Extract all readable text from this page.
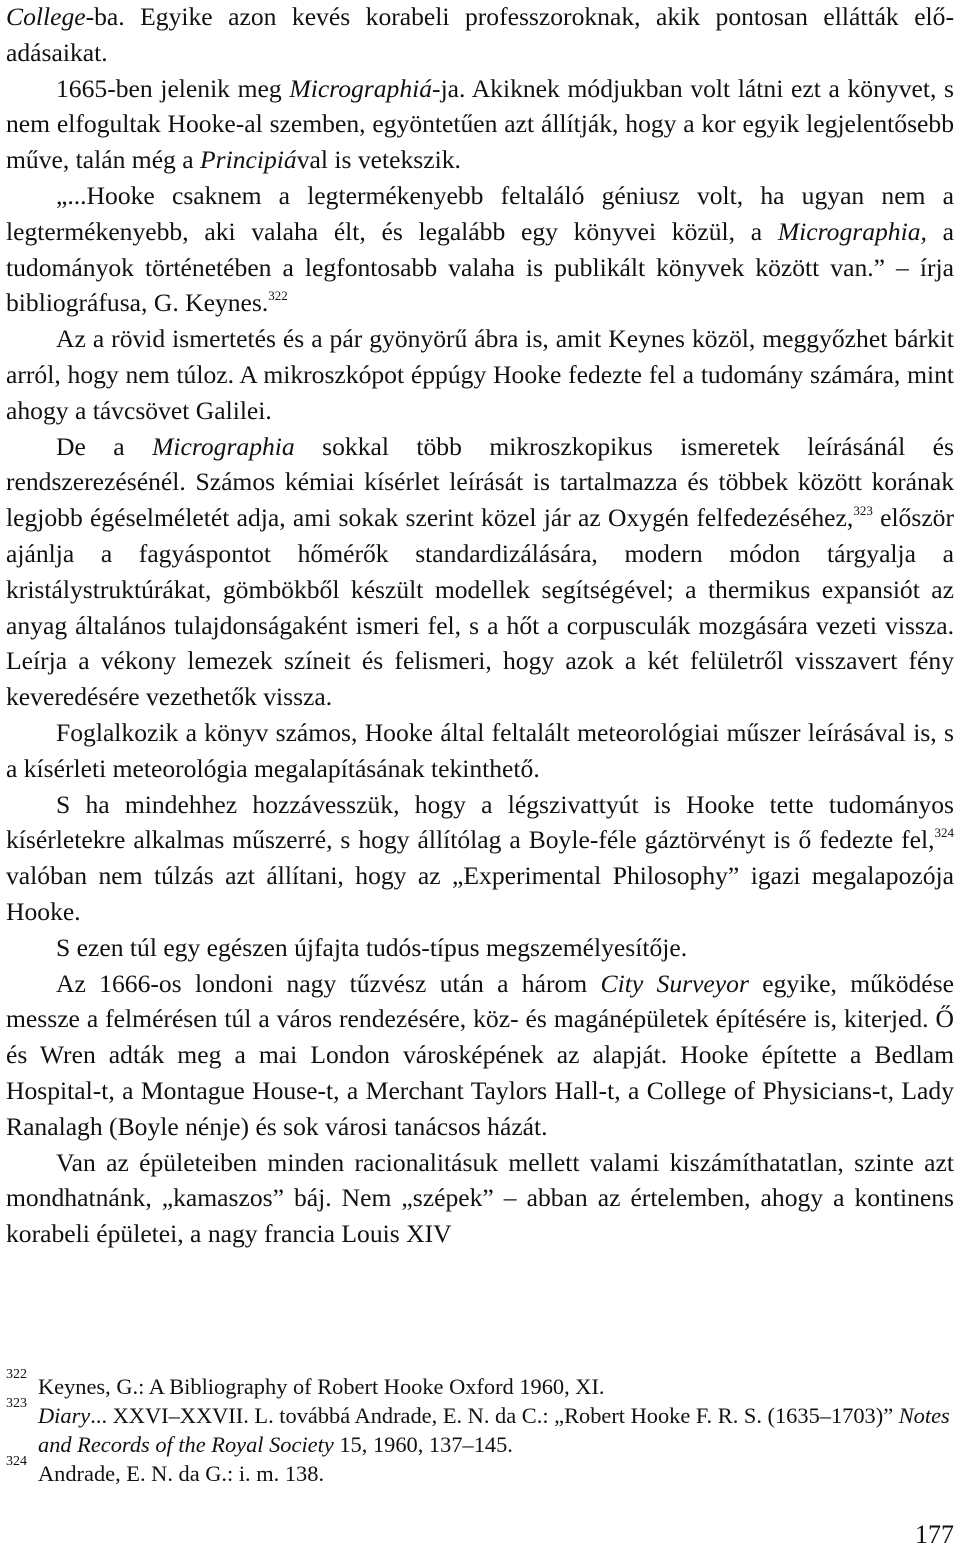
College-ba. Egyike azon kevés korabeli professzoroknak, akik pontosan ellátták előadásaikat.

1665-ben jelenik meg Micrographiá-ja. Akiknek módjukban volt látni ezt a könyvet, s nem elfogultak Hooke-al szemben, egyöntetűen azt állítják, hogy a kor egyik legjelentősebb műve, talán még a Principiával is vetekszik.

„...Hooke csaknem a legtermékenyebb feltaláló géniusz volt, ha ugyan nem a legtermékenyebb, aki valaha élt, és legalább egy könyvei közül, a Micrographia, a tudományok történetében a legfontosabb valaha is publikált könyvek között van.” – írja bibliográfusa, G. Keynes.$^{322}$

Az a rövid ismertetés és a pár gyönyörű ábra is, amit Keynes közöl, meggyőzhet bárkit arról, hogy nem túloz. A mikroszkópot éppúgy Hooke fedezte fel a tudomány számára, mint ahogy a távcsövet Galilei.

De a Micrographia sokkal több mikroszkopikus ismeretek leírásánál és rendszerezésénél. Számos kémiai kísérlet leírását is tartalmazza és többek között korának legjobb égéselméletét adja, ami sokak szerint közel jár az Oxygén felfedezéséhez,$^{323}$ először ajánlja a fagyáspontot hőmérők standardizálására, modern módon tárgyalja a kristálystruktúrákat, gömbökből készült modellek segítségével; a thermikus expansiót az anyag általános tulajdonságaként ismeri fel, s a hőt a corpusculák mozgására vezeti vissza. Leírja a vékony lemezek színeit és felismeri, hogy azok a két felületről visszavert fény keveredésére vezethetők vissza.

Foglalkozik a könyv számos, Hooke által feltalált meteorológiai műszer leírásával is, s a kísérleti meteorológia megalapításának tekinthető.

S ha mindehhez hozzávesszük, hogy a légszivattyút is Hooke tette tudományos kísérletekre alkalmas műszerré, s hogy állítólag a Boyle-féle gáztörvényt is ő fedezte fel,$^{324}$ valóban nem túlzás azt állítani, hogy az „Experimental Philosophy” igazi megalapozója Hooke.

S ezen túl egy egészen újfajta tudós-típus megszemélyesítője.

Az 1666-os londoni nagy tűzvész után a három City Surveyor egyike, működése messze a felmérésen túl a város rendezésére, köz- és magánépületek építésére is, kiterjed. Ő és Wren adták meg a mai London városképének az alapját. Hooke építette a Bedlam Hospital-t, a Montague House-t, a Merchant Taylors Hall-t, a College of Physicians-t, Lady Ranalagh (Boyle nénje) és sok városi tanácsos házát.

Van az épületeiben minden racionalitásuk mellett valami kiszámíthatatlan, szinte azt mondhatnánk, „kamaszos” báj. Nem „szépek” – abban az értelemben, ahogy a kontinens korabeli épületei, a nagy francia Louis XIV

322 Keynes, G.: A Bibliography of Robert Hooke Oxford 1960, XI.

323 Diary... XXVI–XXVII. L. továbbá Andrade, E. N. da C.: „Robert Hooke F. R. S. (1635–1703)” Notes and Records of the Royal Society 15, 1960, 137–145.

324 Andrade, E. N. da G.: i. m. 138.

177
